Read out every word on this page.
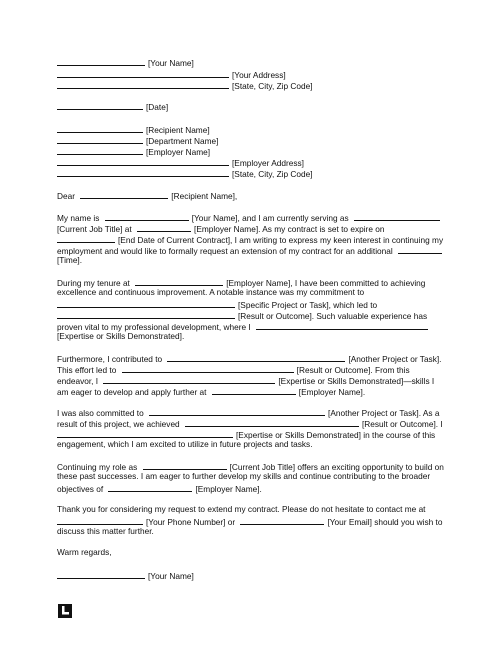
[Your Name]
[Your Address]
[State, City, Zip Code]
[Date]
[Recipient Name]
[Department Name]
[Employer Name]
[Employer Address]
[State, City, Zip Code]
Dear	[Recipient Name],
My name is	[Your Name], and I am currently serving as
[Current Job Title] at	[Employer Name]. As my contract is set to expire on
[End Date of Current Contract], I am writing to express my keen interest in continuing my
employment and would like to formally request an extension of my contract for an additional
[Time].
During my tenure at	[Employer Name], I have been committed to achieving
excellence and continuous improvement. A notable instance was my commitment to
[Specific Project or Task], which led to
[Result or Outcome]. Such valuable experience has
proven vital to my professional development, where I
[Expertise or Skills Demonstrated].
Furthermore, I contributed to	[Another Project or Task].
This effort led to	[Result or Outcome]. From this
endeavor, I	[Expertise or Skills Demonstrated]—skills I
am eager to develop and apply further at	[Employer Name].
I was also committed to	[Another Project or Task]. As a
result of this project, we achieved	[Result or Outcome]. I
[Expertise or Skills Demonstrated] in the course of this
engagement, which I am excited to utilize in future projects and tasks.
Continuing my role as	[Current Job Title] offers an exciting opportunity to build on
these past successes. I am eager to further develop my skills and continue contributing to the broader
objectives of	[Employer Name].
Thank you for considering my request to extend my contract. Please do not hesitate to contact me at
[Your Phone Number] or	[Your Email] should you wish to
discuss this matter further.
Warm regards,
[Your Name]
